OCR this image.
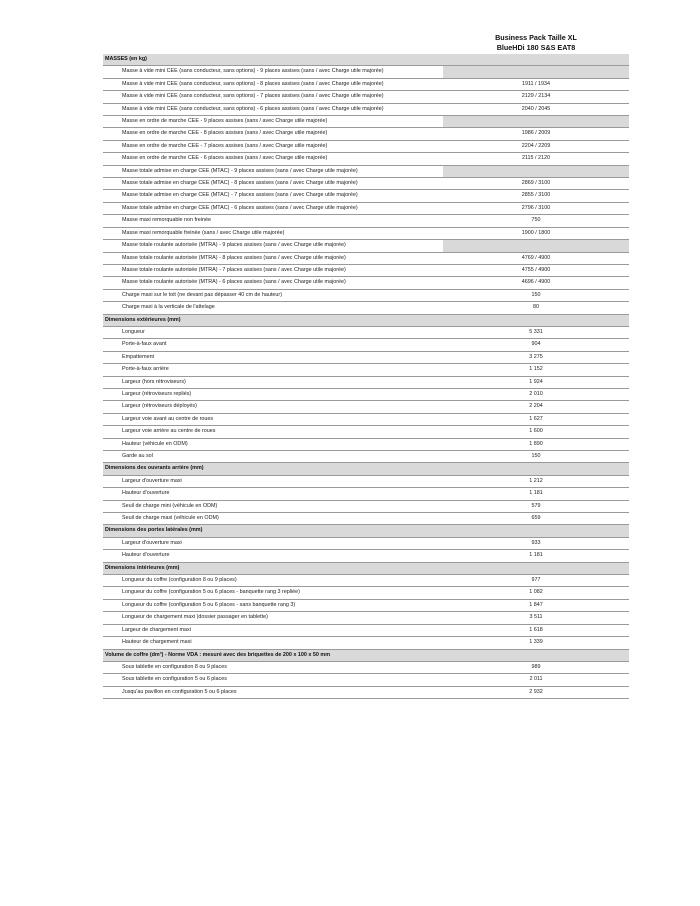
Business Pack Taille XL
BlueHDi 180 S&S EAT8
MASSES (en kg)	
Masse à vide mini CEE (sans conducteur, sans options) - 9 places assises (sans / avec Charge utile majorée)	
Masse à vide mini CEE (sans conducteur, sans options) - 8 places assises (sans / avec Charge utile majorée)	1911 / 1934
Masse à vide mini CEE (sans conducteur, sans options) - 7 places assises (sans / avec Charge utile majorée)	2129 / 2134
Masse à vide mini CEE (sans conducteur, sans options) - 6 places assises (sans / avec Charge utile majorée)	2040 / 2045
Masse en ordre de marche CEE - 9 places assises (sans / avec Charge utile majorée)	
Masse en ordre de marche CEE - 8 places assises (sans / avec Charge utile majorée)	1986 / 2009
Masse en ordre de marche CEE - 7 places assises (sans / avec Charge utile majorée)	2204 / 2209
Masse en ordre de marche CEE - 6 places assises (sans / avec Charge utile majorée)	2115 / 2120
Masse totale admise en charge CEE (MTAC) - 9 places assises (sans / avec Charge utile majorée)	
Masse totale admise en charge CEE (MTAC) - 8 places assises (sans / avec Charge utile majorée)	2869 / 3100
Masse totale admise en charge CEE (MTAC) - 7 places assises (sans / avec Charge utile majorée)	2855 / 3100
Masse totale admise en charge CEE (MTAC) - 6 places assises (sans / avec Charge utile majorée)	2796 / 3100
Masse maxi remorquable non freinée	750
Masse maxi remorquable freinée (sans / avec Charge utile majorée)	1900 / 1800
Masse totale roulante autorisée (MTRA) - 9 places assises (sans / avec Charge utile majorée)	
Masse totale roulante autorisée (MTRA) - 8 places assises (sans / avec Charge utile majorée)	4769 / 4900
Masse totale roulante autorisée (MTRA) - 7 places assises (sans / avec Charge utile majorée)	4755 / 4900
Masse totale roulante autorisée (MTRA) - 6 places assises (sans / avec Charge utile majorée)	4696 / 4900
Charge maxi sur le toit (ne devant pas dépasser 40 cm de hauteur)	150
Charge maxi à la verticale de l'attelage	80
Dimensions extérieures (mm)	
Longueur	5 331
Porte-à-faux avant	904
Empattement	3 275
Porte-à-faux arrière	1 152
Largeur (hors rétroviseurs)	1 924
Largeur (rétroviseurs repliés)	2 010
Largeur (rétroviseurs déployés)	2 204
Largeur voie avant au centre de roues	1 627
Largeur voie arrière au centre de roues	1 600
Hauteur (véhicule en ODM)	1 890
Garde au sol	150
Dimensions des ouvrants arrière (mm)	
Largeur d'ouverture maxi	1 212
Hauteur d'ouverture	1 181
Seuil de charge mini (véhicule en ODM)	579
Seuil de charge maxi (véhicule en ODM)	659
Dimensions des portes latérales (mm)	
Largeur d'ouverture maxi	933
Hauteur d'ouverture	1 181
Dimensions intérieures (mm)	
Longueur du coffre (configuration 8 ou 9 places)	977
Longueur du coffre (configuration 5 ou 6 places - banquette rang 3 repliée)	1 082
Longueur du coffre (configuration 5 ou 6 places - sans banquette rang 3)	1 847
Longueur de chargement maxi (dossier passager en tablette)	3 511
Largeur de chargement maxi	1 618
Hauteur de chargement maxi	1 339
Volume de coffre (dm³) - Norme VDA : mesuré avec des briquettes de 200 x 100 x 50 mm	
Sous tablette en configuration 8 ou 9 places	989
Sous tablette en configuration 5 ou 6 places	2 011
Jusqu'au pavillon en configuration 5 ou 6 places	2 932
